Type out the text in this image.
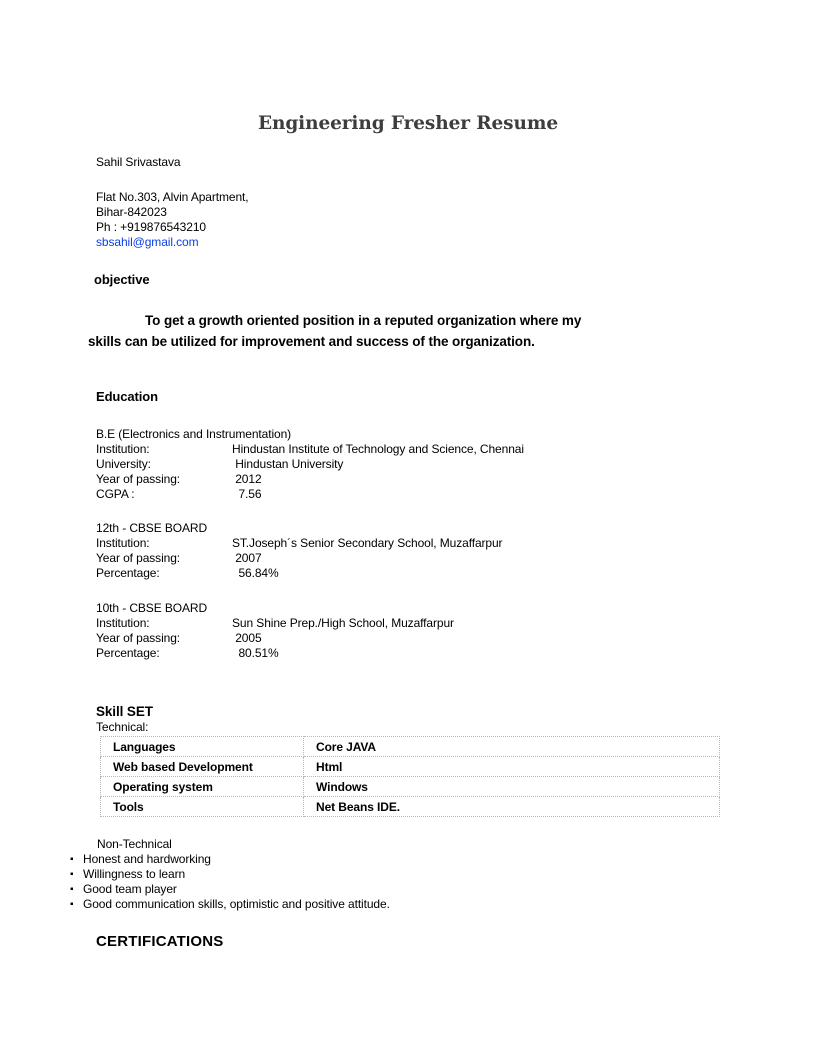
Engineering Fresher Resume
Sahil Srivastava
Flat No.303, Alvin Apartment,
Bihar-842023
Ph : +919876543210
sbsahil@gmail.com
objective
To get a growth oriented position in a reputed organization where my
skills can be utilized for improvement and success of the organization.
Education
B.E (Electronics and Instrumentation)
Institution:	Hindustan Institute of Technology and Science, Chennai
University:	Hindustan University
Year of passing:	2012
CGPA :	7.56
12th - CBSE BOARD
Institution:	ST.Joseph´s Senior Secondary School, Muzaffarpur
Year of passing:	2007
Percentage:	56.84%
10th - CBSE BOARD
Institution:	Sun Shine Prep./High School, Muzaffarpur
Year of passing:	2005
Percentage:	80.51%
Skill SET
Technical:
Languages	Core JAVA
Web based Development	Html
Operating system	Windows
Tools	Net Beans IDE.
Non-Technical
▪ Honest and hardworking
▪ Willingness to learn
▪ Good team player
▪ Good communication skills, optimistic and positive attitude.
CERTIFICATIONS
